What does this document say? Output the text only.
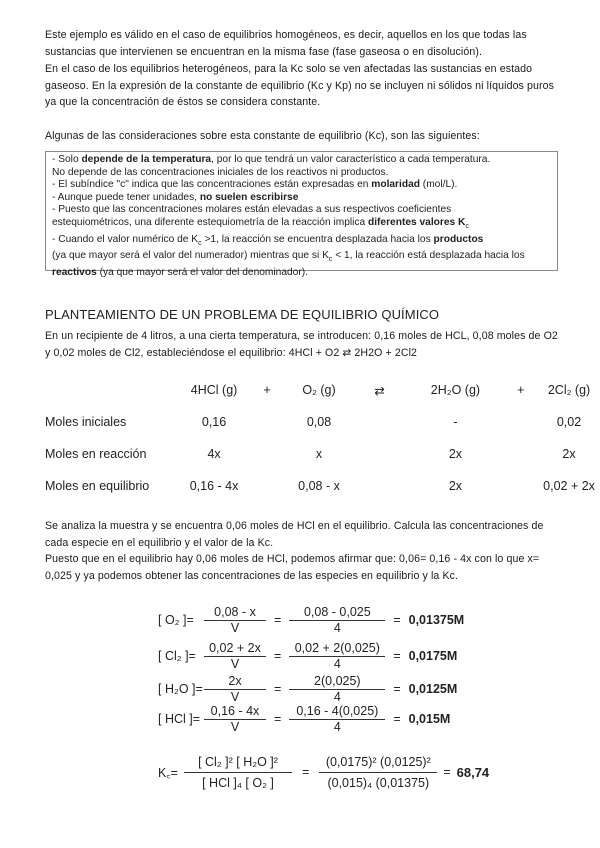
Este ejemplo es válido en el caso de equilibrios homogéneos, es decir, aquellos en los que todas las sustancias que intervienen se encuentran en la misma fase (fase gaseosa o en disolución).
En el caso de los equilibrios heterogéneos, para la Kc solo se ven afectadas las sustancias en estado gaseoso. En la expresión de la constante de equilibrio (Kc y Kp) no se incluyen ni sólidos ni líquidos puros ya que la concentración de éstos se considera constante.
Algunas de las consideraciones sobre esta constante de equilibrio (Kc), son las siguientes:
- Solo depende de la temperatura, por lo que tendrá un valor característico a cada temperatura.
No depende de las concentraciones iniciales de los reactivos ni productos.
- El subíndice "c" indica que las concentraciones están expresadas en molaridad (mol/L).
- Aunque puede tener unidades, no suelen escribirse
- Puesto que las concentraciones molares están elevadas a sus respectivos coeficientes
estequiométricos, una diferente estequiometría de la reacción implica diferentes valores $K_c$
- Cuando el valor numérico de $K_c >1$, la reacción se encuentra desplazada hacia los productos
(ya que mayor será el valor del numerador) mientras que si $K_c < 1$, la reacción está desplazada hacia los
reactivos (ya que mayor será el valor del denominador).
PLANTEAMIENTO DE UN PROBLEMA DE EQUILIBRIO QUÍMICO
En un recipiente de 4 litros, a una cierta temperatura, se introducen: 0,16 moles de HCL, 0,08 moles de O2 y 0,02 moles de Cl2, estableciéndose el equilibrio: 4HCl + O2 ⇄ 2H2O + 2Cl2
	4HCl (g)	+	O₂ (g)	⇄	2H₂O (g)	+	2Cl₂ (g)
Moles iniciales	0,16		0,08		-		0,02
Moles en reacción	4x		x		2x		2x
Moles en equilibrio	0,16 - 4x		0,08 - x		2x		0,02 + 2x
Se analiza la muestra y se encuentra 0,06 moles de HCl en el equilibrio. Calcula las concentraciones de cada especie en el equilibrio y el valor de la Kc.
Puesto que en el equilibrio hay 0,06 moles de HCl, podemos afirmar que: 0,06= 0,16 - 4x con lo que x= 0,025 y ya podemos obtener las concentraciones de las especies en equilibrio y la Kc.
[ O₂ ]= $\frac{0,08 - x}{V} = \frac{0,08 - 0,025}{4} = 0,01375M$
[ Cl₂ ]= $\frac{0,02 + 2x}{V} = \frac{0,02 + 2(0,025)}{4} = 0,0175M$
[ H₂O ]= $\frac{2x}{V} = \frac{2(0,025)}{4} = 0,0125M$
[ HCl ]= $\frac{0,16 - 4x}{V} = \frac{0,16 - 4(0,025)}{4} = 0,015M$
K꜀= $\frac{\text{[ Cl₂ ]² [ H₂O ]²}}{\text{[ HCl ]₄ [ O₂ ]}} = \frac{\text{(0,0175)² (0,0125)²}}{\text{(0,015)₄ (0,01375)}} = 68,74$
